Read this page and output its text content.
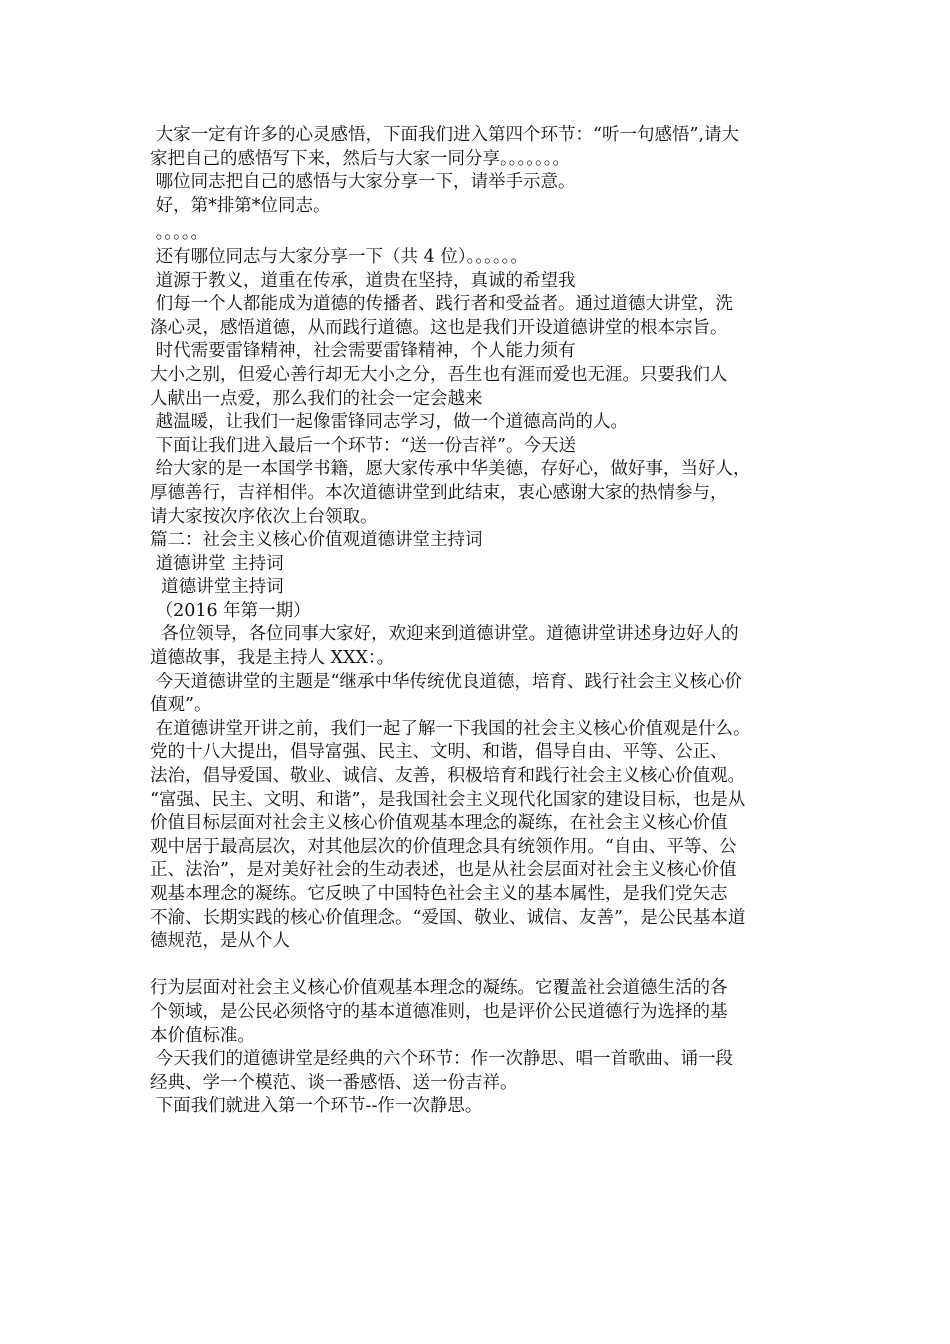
大家一定有许多的心灵感悟，下面我们进入第四个环节：“听一句感悟”,请大
家把自己的感悟写下来，然后与大家一同分享。。。。。。。
哪位同志把自己的感悟与大家分享一下，请举手示意。
好，第*排第*位同志。
。。。。。
还有哪位同志与大家分享一下（共 4 位）。。。。。。
道源于教义，道重在传承，道贵在坚持，真诚的希望我
们每一个人都能成为道德的传播者、践行者和受益者。通过道德大讲堂，洗
涤心灵，感悟道德，从而践行道德。这也是我们开设道德讲堂的根本宗旨。
时代需要雷锋精神，社会需要雷锋精神，个人能力须有
大小之别，但爱心善行却无大小之分，吾生也有涯而爱也无涯。只要我们人
人献出一点爱，那么我们的社会一定会越来
越温暖，让我们一起像雷锋同志学习，做一个道德高尚的人。
下面让我们进入最后一个环节：“送一份吉祥”。今天送
给大家的是一本国学书籍，愿大家传承中华美德，存好心，做好事，当好人，
厚德善行，吉祥相伴。本次道德讲堂到此结束，衷心感谢大家的热情参与，
请大家按次序依次上台领取。
篇二：社会主义核心价值观道德讲堂主持词
道德讲堂 主持词
道德讲堂主持词
（2016 年第一期）
各位领导，各位同事大家好，欢迎来到道德讲堂。道德讲堂讲述身边好人的
道德故事，我是主持人 XXX：。
今天道德讲堂的主题是“继承中华传统优良道德，培育、践行社会主义核心价
值观”。
在道德讲堂开讲之前，我们一起了解一下我国的社会主义核心价值观是什么。
党的十八大提出，倡导富强、民主、文明、和谐，倡导自由、平等、公正、
法治，倡导爱国、敬业、诚信、友善，积极培育和践行社会主义核心价值观。
“富强、民主、文明、和谐”，是我国社会主义现代化国家的建设目标，也是从
价值目标层面对社会主义核心价值观基本理念的凝练，在社会主义核心价值
观中居于最高层次，对其他层次的价值理念具有统领作用。“自由、平等、公
正、法治”，是对美好社会的生动表述，也是从社会层面对社会主义核心价值
观基本理念的凝练。它反映了中国特色社会主义的基本属性，是我们党矢志
不渝、长期实践的核心价值理念。“爱国、敬业、诚信、友善”，是公民基本道
德规范，是从个人
行为层面对社会主义核心价值观基本理念的凝练。它覆盖社会道德生活的各
个领域，是公民必须恪守的基本道德准则，也是评价公民道德行为选择的基
本价值标准。
今天我们的道德讲堂是经典的六个环节：作一次静思、唱一首歌曲、诵一段
经典、学一个模范、谈一番感悟、送一份吉祥。
下面我们就进入第一个环节--作一次静思。
